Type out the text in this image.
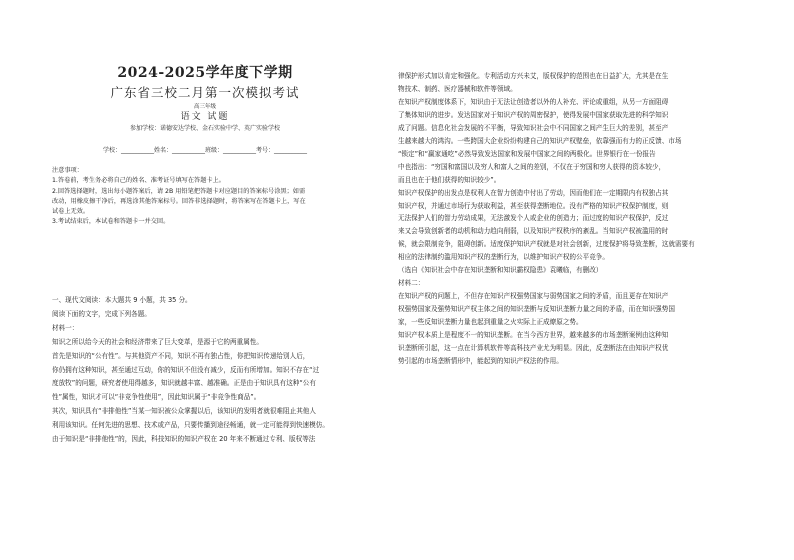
2024-2025学年度下学期
广东省三校二月第一次模拟考试
高三年级
语文 试题
参加学校：诺德安达学校、金石实验中学、英广实验学校
学校：___________姓名：___________班级：___________考号：___________

注意事项：

1.答卷前，考生务必将自己的姓名、准考证号填写在答题卡上。

2.回答选择题时，选出每小题答案后，请 2B 用铅笔把答题卡对应题目的答案标号涂黑；如需

改动，用橡皮擦干净后，再选涂其他答案标号。回答非选择题时，将答案写在答题卡上，写在

试卷上无效。

3.考试结束后，本试卷和答题卡一并交回。

一、现代文阅读：本大题共 9 小题，共 35 分。

阅读下面的文字，完成下列各题。

材料一：

知识之所以给今天的社会和经济带来了巨大变革，是源于它的两重属性。

首先是知识的“公有性”。与其他资产不同，知识不再有独占性，你把知识传递给别人后，

你仍拥有这种知识，甚至通过互动，你的知识不但没有减少，反而有所增加。知识不存在“过

度放牧”的问题，研究者使用得越多，知识就越丰富、越准确。正是由于知识具有这种“公有

性”属性，知识才可以“非竞争性使用”，因此知识属于“非竞争性商品”。

其次，知识具有“非排他性”当某一知识被公众掌握以后，该知识的发明者就很难阻止其他人

利用该知识。任何先进的思想、技术或产品，只要传播到途径畅通，就一定可能得到快速模仿。

由于知识是“非排他性”的，因此，科技知识的知识产权在 20 年来不断通过专利、版权等法

律保护形式加以肯定和强化。专利活动方兴未艾，版权保护的范围也在日益扩大，尤其是在生

物技术、制药、医疗器械和软件等领域。

在知识产权制度体系下，知识由于无法让创造者以外的人补充、评论或重组，从另一方面阻碍

了集体知识的进步。发达国家对于知识产权的周密保护，使得发展中国家获取先进的科学知识

成了问题。信息化社会发展的不平衡，导致知识社会中不同国家之间产生巨大的差别，甚至产

生越来越大的鸿沟。一些跨国大企业纷纷构建自己的知识产权壁垒，依靠强而有力的正反馈、市场

“锁定”和“赢家通吃”必然导致发达国家和发展中国家之间的两极化。世界银行在一份报告

中也指出：“穷国和富国以及穷人和富人之间的差别，不仅在于穷国和穷人获得的资本较少，

而且也在于他们获得的知识较少”。

知识产权保护的出发点是权利人在智力创造中付出了劳动，因而他们在一定期限内有权独占其

知识产权，并通过市场行为获取利益，甚至获得垄断地位。没有严格的知识产权保护制度，则

无法保护人们的智力劳动成果，无法激发个人或企业的创造力；而过度的知识产权保护，反过

来又会导致创新者的动机和动力趋向削弱，以及知识产权秩序的紊乱。当知识产权被滥用的时

候，就会限制竞争，阻碍创新。适度保护知识产权就是对社会创新，过度保护将导致垄断，这就需要有

相应的法律制约滥用知识产权的垄断行为，以维护知识产权的公平竞争。

（选自《知识社会中存在知识垄断和知识霸权隐患》袁曦临，有删改）

材料二：

在知识产权的问题上，不但存在知识产权强势国家与弱势国家之间的矛盾，而且更存在知识产

权强势国家及强势知识产权主体之间的知识垄断与反知识垄断力量之间的矛盾，而在知识强势国

家，一些反知识垄断力量也起到重量之火实际上正成燎原之势。

知识产权本质上是程度不一的知识垄断。在当今西方世界，越来越多的市场垄断案例由这种知

识垄断所引起，这一点在计算机软件等高科技产业尤为明显。因此，反垄断法在由知识产权优

势引起的市场垄断情形中，能起到的知识产权法的作用。
